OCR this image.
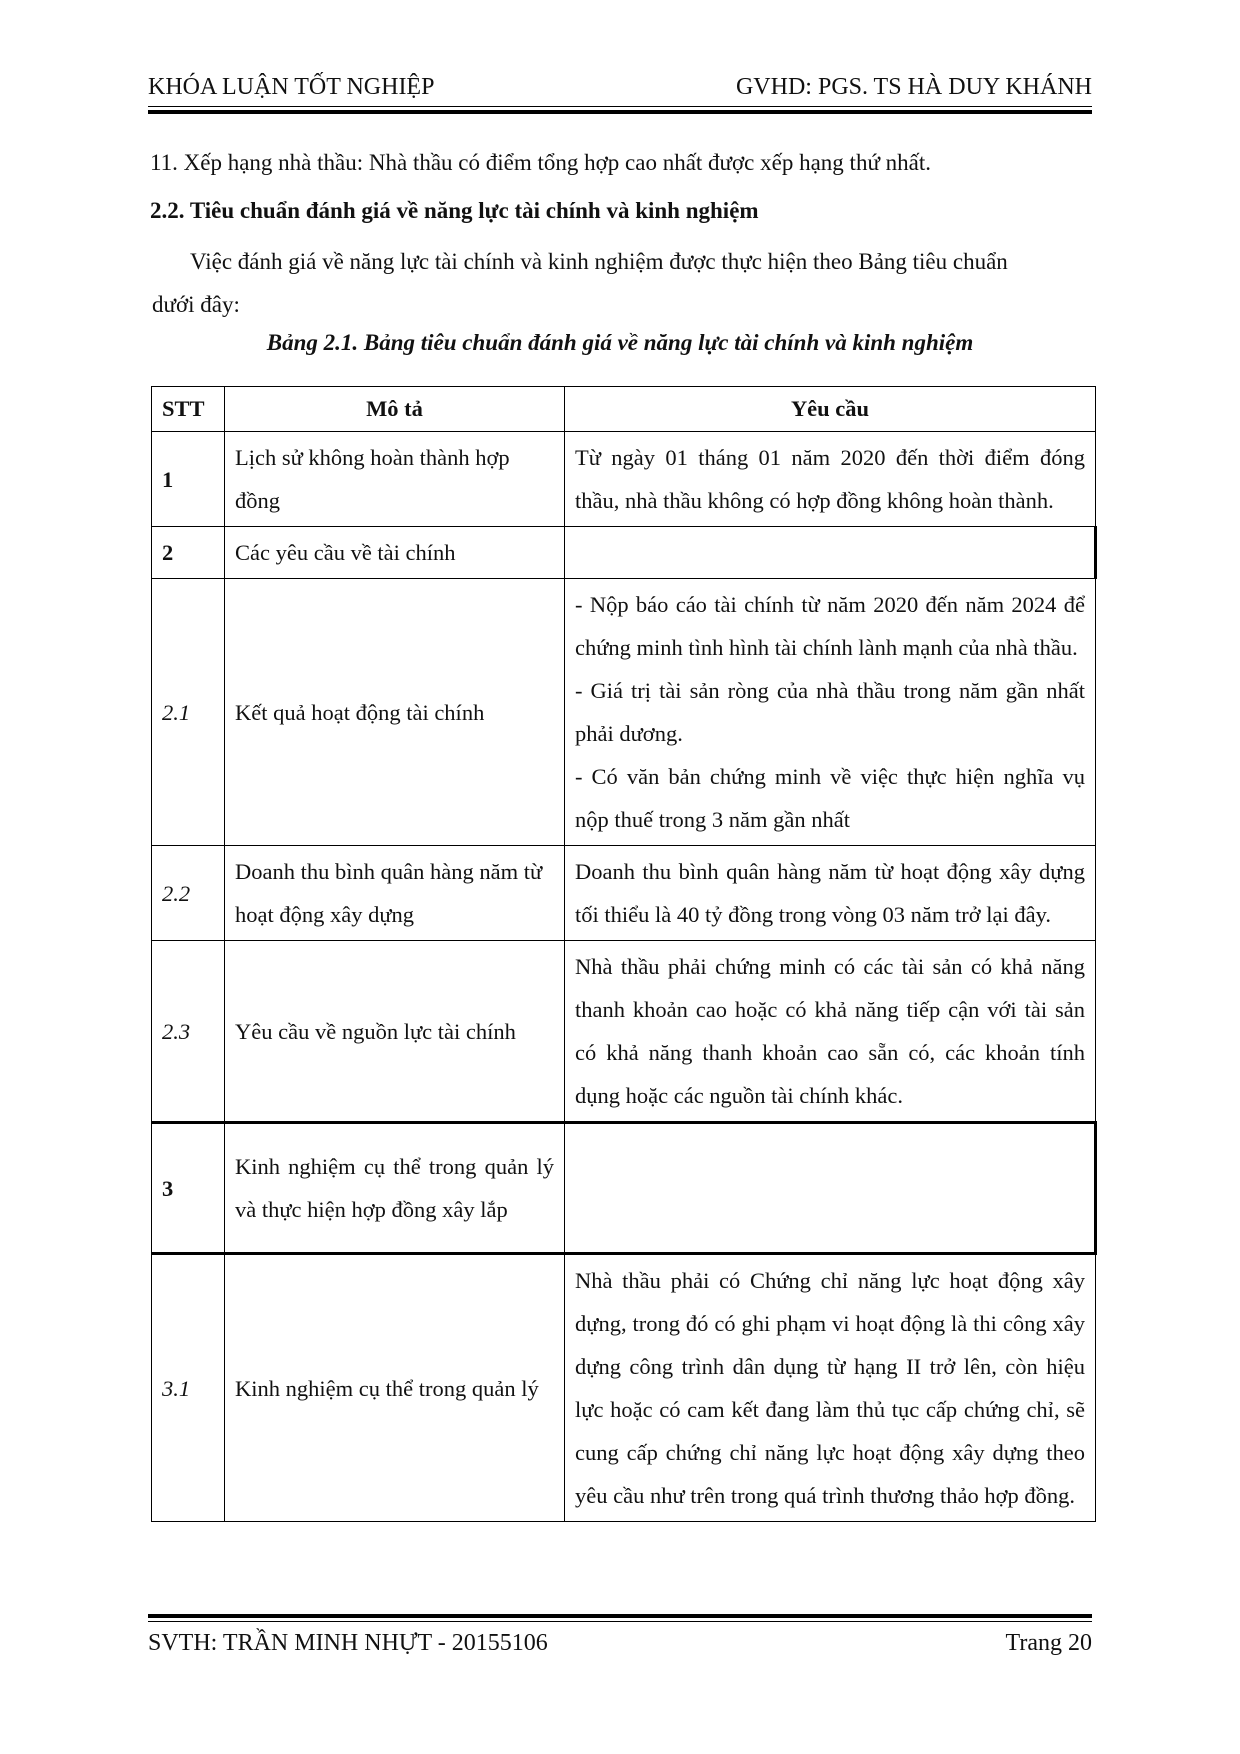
KHÓA LUẬN TỐT NGHIỆP	GVHD: PGS. TS HÀ DUY KHÁNH
11. Xếp hạng nhà thầu: Nhà thầu có điểm tổng hợp cao nhất được xếp hạng thứ nhất.
2.2. Tiêu chuẩn đánh giá về năng lực tài chính và kinh nghiệm
Việc đánh giá về năng lực tài chính và kinh nghiệm được thực hiện theo Bảng tiêu chuẩn dưới đây:
Bảng 2.1. Bảng tiêu chuẩn đánh giá về năng lực tài chính và kinh nghiệm
STT	Mô tả	Yêu cầu
1	Lịch sử không hoàn thành hợp đồng	Từ ngày 01 tháng 01 năm 2020 đến thời điểm đóng thầu, nhà thầu không có hợp đồng không hoàn thành.
2	Các yêu cầu về tài chính	
2.1	Kết quả hoạt động tài chính	- Nộp báo cáo tài chính từ năm 2020 đến năm 2024 để chứng minh tình hình tài chính lành mạnh của nhà thầu.
- Giá trị tài sản ròng của nhà thầu trong năm gần nhất phải dương.
- Có văn bản chứng minh về việc thực hiện nghĩa vụ nộp thuế trong 3 năm gần nhất

2.2	Doanh thu bình quân hàng năm từ hoạt động xây dựng	Doanh thu bình quân hàng năm từ hoạt động xây dựng tối thiểu là 40 tỷ đồng trong vòng 03 năm trở lại đây.
2.3	Yêu cầu về nguồn lực tài chính	Nhà thầu phải chứng minh có các tài sản có khả năng thanh khoản cao hoặc có khả năng tiếp cận với tài sản có khả năng thanh khoản cao sẵn có, các khoản tính dụng hoặc các nguồn tài chính khác.
3	Kinh nghiệm cụ thể trong quản lý và thực hiện hợp đồng xây lắp	
3.1	Kinh nghiệm cụ thể trong quản lý	Nhà thầu phải có Chứng chỉ năng lực hoạt động xây dựng, trong đó có ghi phạm vi hoạt động là thi công xây dựng công trình dân dụng từ hạng II trở lên, còn hiệu lực hoặc có cam kết đang làm thủ tục cấp chứng chỉ, sẽ cung cấp chứng chỉ năng lực hoạt động xây dựng theo yêu cầu như trên trong quá trình thương thảo hợp đồng.
SVTH: TRẦN MINH NHỰT - 20155106	Trang 20
